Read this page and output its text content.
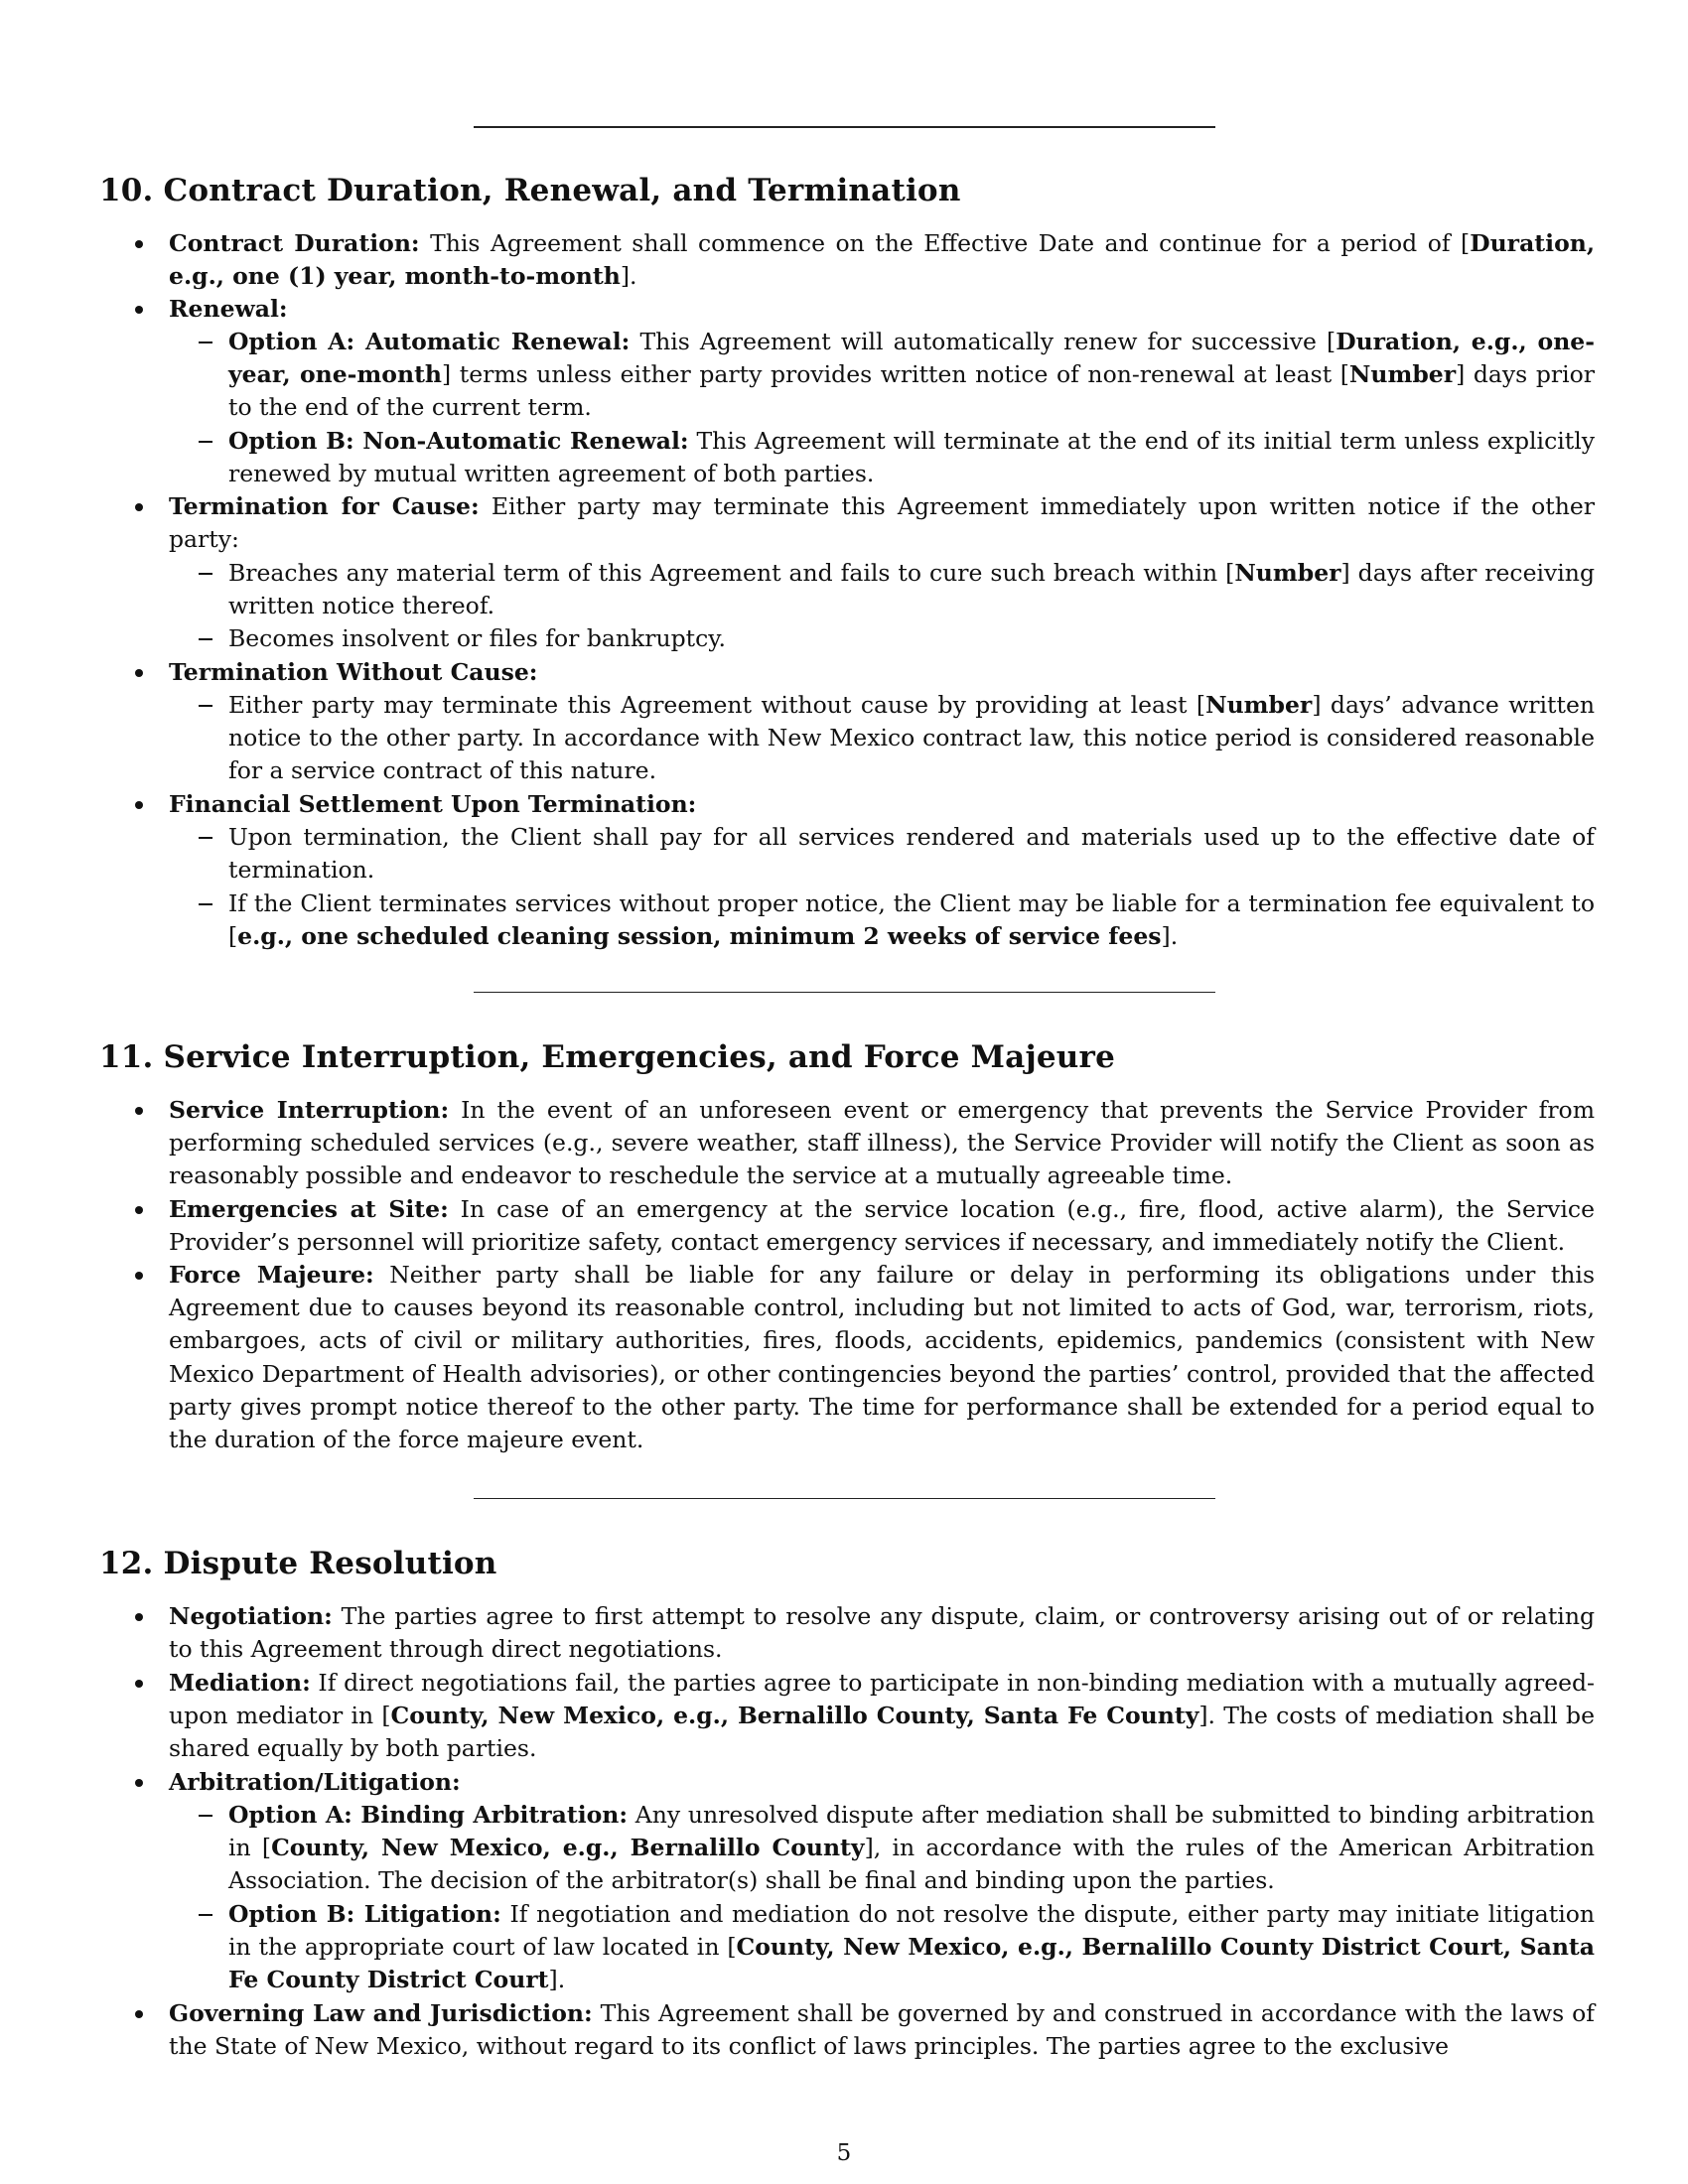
10. Contract Duration, Renewal, and Termination
Contract Duration: This Agreement shall commence on the Effective Date and continue for a period of [Duration, e.g., one (1) year, month-to-month].
Renewal:
Option A: Automatic Renewal: This Agreement will automatically renew for successive [Duration, e.g., one-year, one-month] terms unless either party provides written notice of non-renewal at least [Number] days prior to the end of the current term.
Option B: Non-Automatic Renewal: This Agreement will terminate at the end of its initial term unless explicitly renewed by mutual written agreement of both parties.
Termination for Cause: Either party may terminate this Agreement immediately upon written notice if the other party:
Breaches any material term of this Agreement and fails to cure such breach within [Number] days after receiving written notice thereof.
Becomes insolvent or files for bankruptcy.
Termination Without Cause:
Either party may terminate this Agreement without cause by providing at least [Number] days’ advance written notice to the other party. In accordance with New Mexico contract law, this notice period is considered reasonable for a service contract of this nature.
Financial Settlement Upon Termination:
Upon termination, the Client shall pay for all services rendered and materials used up to the effective date of termination.
If the Client terminates services without proper notice, the Client may be liable for a termination fee equivalent to [e.g., one scheduled cleaning session, minimum 2 weeks of service fees].
11. Service Interruption, Emergencies, and Force Majeure
Service Interruption: In the event of an unforeseen event or emergency that prevents the Service Provider from performing scheduled services (e.g., severe weather, staff illness), the Service Provider will notify the Client as soon as reasonably possible and endeavor to reschedule the service at a mutually agreeable time.
Emergencies at Site: In case of an emergency at the service location (e.g., fire, flood, active alarm), the Service Provider’s personnel will prioritize safety, contact emergency services if necessary, and immediately notify the Client.
Force Majeure: Neither party shall be liable for any failure or delay in performing its obligations under this Agreement due to causes beyond its reasonable control, including but not limited to acts of God, war, terrorism, riots, embargoes, acts of civil or military authorities, fires, floods, accidents, epidemics, pandemics (consistent with New Mexico Department of Health advisories), or other contingencies beyond the parties’ control, provided that the affected party gives prompt notice thereof to the other party. The time for performance shall be extended for a period equal to the duration of the force majeure event.
12. Dispute Resolution
Negotiation: The parties agree to first attempt to resolve any dispute, claim, or controversy arising out of or relating to this Agreement through direct negotiations.
Mediation: If direct negotiations fail, the parties agree to participate in non-binding mediation with a mutually agreed-upon mediator in [County, New Mexico, e.g., Bernalillo County, Santa Fe County]. The costs of mediation shall be shared equally by both parties.
Arbitration/Litigation:
Option A: Binding Arbitration: Any unresolved dispute after mediation shall be submitted to binding arbitration in [County, New Mexico, e.g., Bernalillo County], in accordance with the rules of the American Arbitration Association. The decision of the arbitrator(s) shall be final and binding upon the parties.
Option B: Litigation: If negotiation and mediation do not resolve the dispute, either party may initiate litigation in the appropriate court of law located in [County, New Mexico, e.g., Bernalillo County District Court, Santa Fe County District Court].
Governing Law and Jurisdiction: This Agreement shall be governed by and construed in accordance with the laws of the State of New Mexico, without regard to its conflict of laws principles. The parties agree to the exclusive
5
